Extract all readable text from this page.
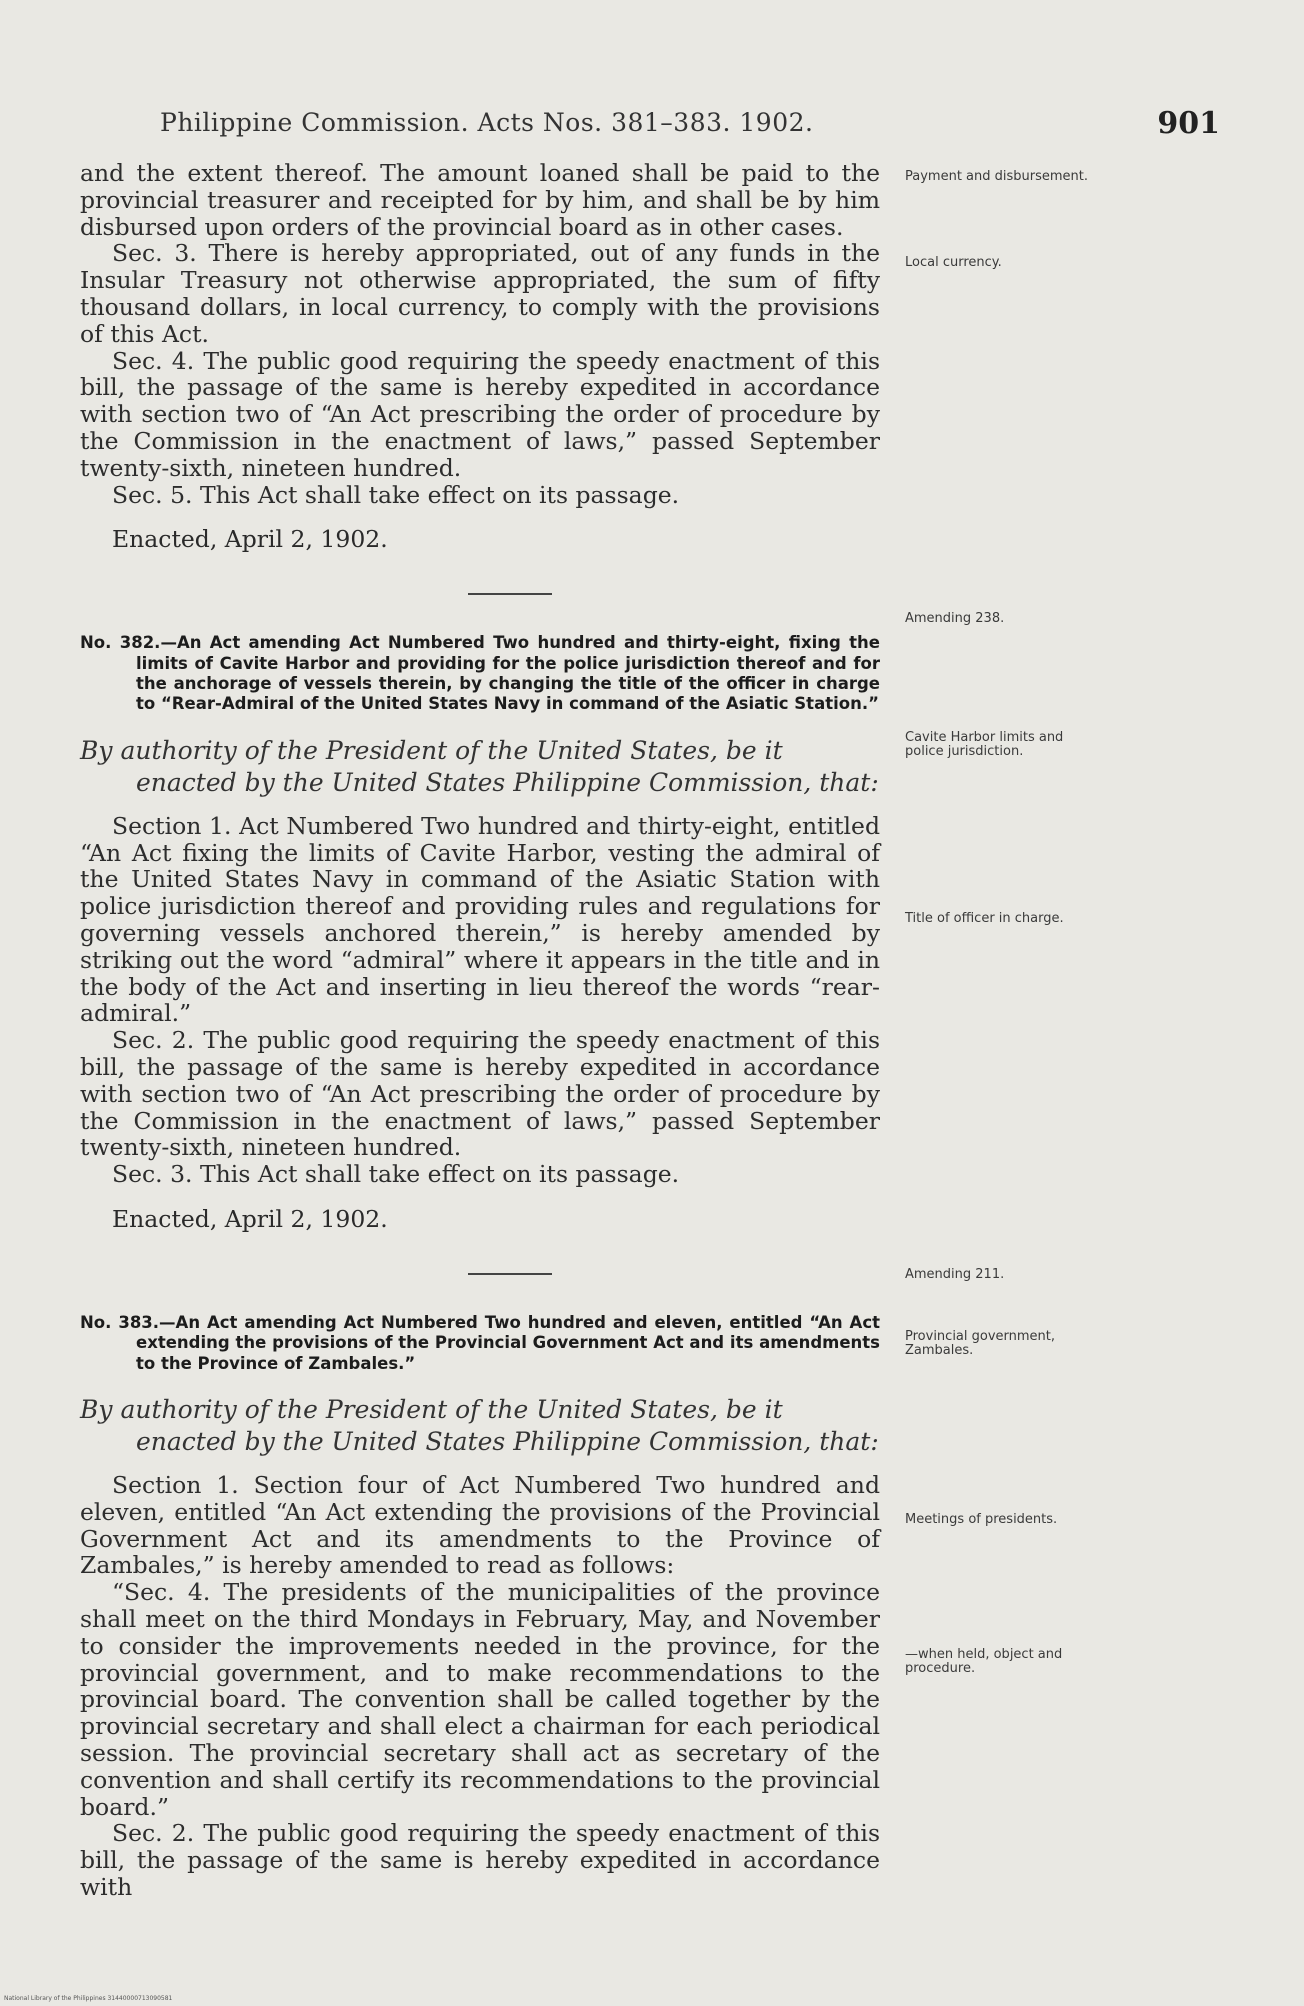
Philippine Commission. Acts Nos. 381–383. 1902.	901

and the extent thereof. The amount loaned shall be paid to the provincial treasurer and receipted for by him, and shall be by him disbursed upon orders of the provincial board as in other cases.

Sec. 3. There is hereby appropriated, out of any funds in the Insular Treasury not otherwise appropriated, the sum of fifty thousand dollars, in local currency, to comply with the provisions of this Act.

Sec. 4. The public good requiring the speedy enactment of this bill, the passage of the same is hereby expedited in accordance with section two of “An Act prescribing the order of procedure by the Commission in the enactment of laws,” passed September twenty-sixth, nineteen hundred.

Sec. 5. This Act shall take effect on its passage.

Enacted, April 2, 1902.

No. 382.—An Act amending Act Numbered Two hundred and thirty-eight, fixing the limits of Cavite Harbor and providing for the police jurisdiction thereof and for the anchorage of vessels therein, by changing the title of the officer in charge to “Rear-Admiral of the United States Navy in command of the Asiatic Station.”

By authority of the President of the United States, be it enacted by the United States Philippine Commission, that:

Section 1. Act Numbered Two hundred and thirty-eight, entitled “An Act fixing the limits of Cavite Harbor, vesting the admiral of the United States Navy in command of the Asiatic Station with police jurisdiction thereof and providing rules and regulations for governing vessels anchored therein,” is hereby amended by striking out the word “admiral” where it appears in the title and in the body of the Act and inserting in lieu thereof the words “rear-admiral.”

Sec. 2. The public good requiring the speedy enactment of this bill, the passage of the same is hereby expedited in accordance with section two of “An Act prescribing the order of procedure by the Commission in the enactment of laws,” passed September twenty-sixth, nineteen hundred.

Sec. 3. This Act shall take effect on its passage.

Enacted, April 2, 1902.

No. 383.—An Act amending Act Numbered Two hundred and eleven, entitled “An Act extending the provisions of the Provincial Government Act and its amendments to the Province of Zambales.”

By authority of the President of the United States, be it enacted by the United States Philippine Commission, that:

Section 1. Section four of Act Numbered Two hundred and eleven, entitled “An Act extending the provisions of the Provincial Government Act and its amendments to the Province of Zambales,” is hereby amended to read as follows:

“Sec. 4. The presidents of the municipalities of the province shall meet on the third Mondays in February, May, and November to consider the improvements needed in the province, for the provincial government, and to make recommendations to the provincial board. The convention shall be called together by the provincial secretary and shall elect a chairman for each periodical session. The provincial secretary shall act as secretary of the convention and shall certify its recommendations to the provincial board.”

Sec. 2. The public good requiring the speedy enactment of this bill, the passage of the same is hereby expedited in accordance with

Payment and disbursement.
Local currency.
Amending 238.
Cavite Harbor limits and police jurisdiction.
Title of officer in charge.
Amending 211.
Provincial government, Zambales.
Meetings of presidents.
—when held, object and procedure.
National Library of the Philippines 31440000713090581
